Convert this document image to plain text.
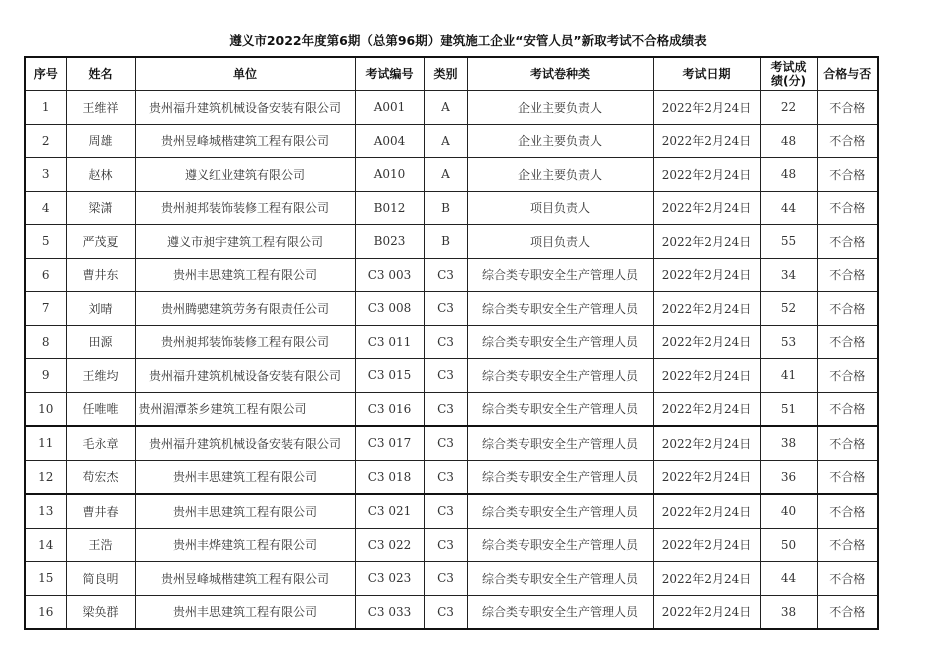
遵义市2022年度第6期（总第96期）建筑施工企业“安管人员”新取考试不合格成绩表
序号	姓名	单位	考试编号	类别	考试卷种类	考试日期	考试成绩(分)	合格与否
1	王维祥	贵州福升建筑机械设备安装有限公司	A001	A	企业主要负责人	2022年2月24日	22	不合格
2	周雄	贵州昱峰城楷建筑工程有限公司	A004	A	企业主要负责人	2022年2月24日	48	不合格
3	赵林	遵义红业建筑有限公司	A010	A	企业主要负责人	2022年2月24日	48	不合格
4	梁潇	贵州昶邦装饰装修工程有限公司	B012	B	项目负责人	2022年2月24日	44	不合格
5	严茂夏	遵义市昶宇建筑工程有限公司	B023	B	项目负责人	2022年2月24日	55	不合格
6	曹井东	贵州丰思建筑工程有限公司	C3 003	C3	综合类专职安全生产管理人员	2022年2月24日	34	不合格
7	刘晴	贵州腾骢建筑劳务有限责任公司	C3 008	C3	综合类专职安全生产管理人员	2022年2月24日	52	不合格
8	田源	贵州昶邦装饰装修工程有限公司	C3 011	C3	综合类专职安全生产管理人员	2022年2月24日	53	不合格
9	王维均	贵州福升建筑机械设备安装有限公司	C3 015	C3	综合类专职安全生产管理人员	2022年2月24日	41	不合格
10	任唯唯	贵州湄潭茶乡建筑工程有限公司	C3 016	C3	综合类专职安全生产管理人员	2022年2月24日	51	不合格
11	毛永章	贵州福升建筑机械设备安装有限公司	C3 017	C3	综合类专职安全生产管理人员	2022年2月24日	38	不合格
12	苟宏杰	贵州丰思建筑工程有限公司	C3 018	C3	综合类专职安全生产管理人员	2022年2月24日	36	不合格
13	曹井春	贵州丰思建筑工程有限公司	C3 021	C3	综合类专职安全生产管理人员	2022年2月24日	40	不合格
14	王浩	贵州丰烨建筑工程有限公司	C3 022	C3	综合类专职安全生产管理人员	2022年2月24日	50	不合格
15	简良明	贵州昱峰城楷建筑工程有限公司	C3 023	C3	综合类专职安全生产管理人员	2022年2月24日	44	不合格
16	梁奂群	贵州丰思建筑工程有限公司	C3 033	C3	综合类专职安全生产管理人员	2022年2月24日	38	不合格
